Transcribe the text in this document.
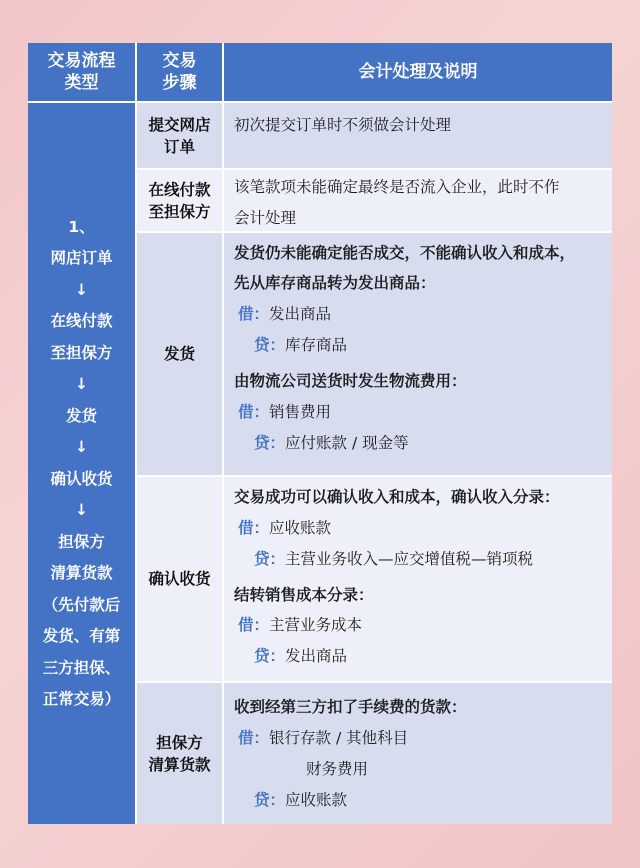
交易流程
类型
交易
步骤
会计处理及说明
1、
网店订单
↓
在线付款
至担保方
↓
发货
↓
确认收货
↓
担保方
清算货款
（先付款后
发货、有第
三方担保、
正常交易）
提交网店
订单
在线付款
至担保方
发货
确认收货
担保方
清算货款
初次提交订单时不须做会计处理
该笔款项未能确定最终是否流入企业，此时不作
会计处理
发货仍未能确定能否成交，不能确认收入和成本，
先从库存商品转为发出商品：
借：发出商品
贷：库存商品
由物流公司送货时发生物流费用：
借：销售费用
贷：应付账款 / 现金等
交易成功可以确认收入和成本，确认收入分录：
借：应收账款
贷：主营业务收入—应交增值税—销项税
结转销售成本分录：
借：主营业务成本
贷：发出商品
收到经第三方扣了手续费的货款：
借：银行存款 / 其他科目
财务费用
贷：应收账款
